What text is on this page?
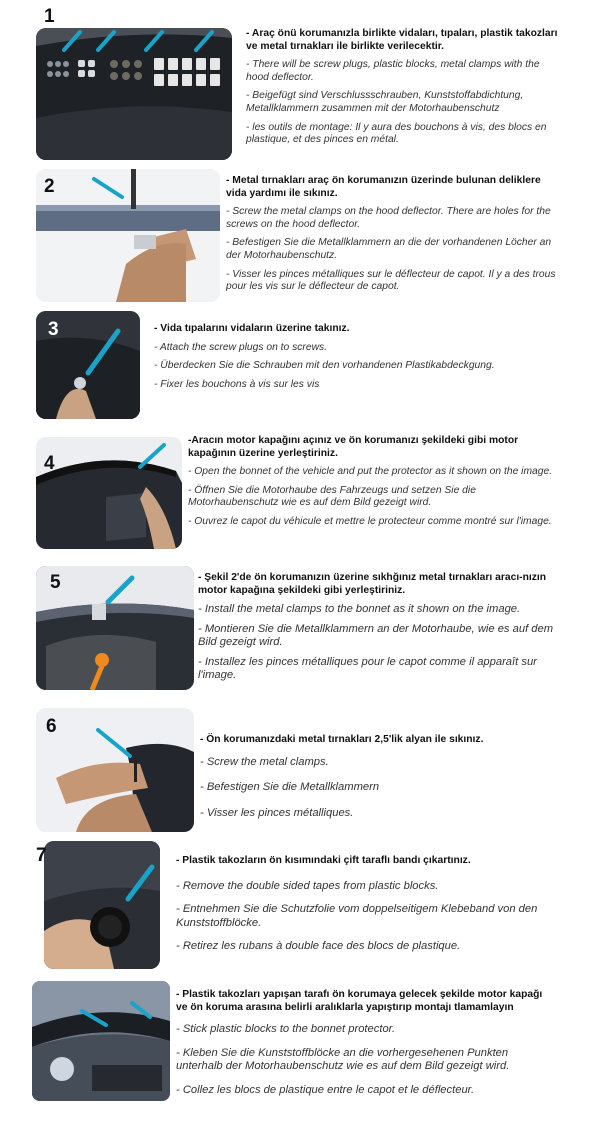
1

- Araç önü korumanızla birlikte vidaları, tıpaları, plastik takozları ve metal tırnakları ile birlikte verilecektir.

- There will be screw plugs, plastic blocks, metal clamps with the hood deflector.

- Beigefügt sind Verschlussschrauben, Kunststoffabdichtung, Metallklammern zusammen mit der Motorhaubenschutz

- les outils de montage: Il y aura des bouchons à vis, des blocs en plastique, et des pinces en métal.

2	- Metal tırnakları araç ön korumanızın üzerinde bulunan deliklere vida yardımı ile sıkınız.

- Screw the metal clamps on the hood deflector. There are holes for the screws on the hood deflector.

- Befestigen Sie die Metallklammern an die der vorhandenen Löcher an der Motorhaubenschutz.

- Visser les pinces métalliques sur le déflecteur de capot. Il y a des trous pour les vis sur le déflecteur de capot.

3	- Vida tıpalarını vidaların üzerine takınız.

- Attach the screw plugs on to screws.

- Überdecken Sie die Schrauben mit den vorhandenen Plastikabdeckgung.

- Fixer les bouchons à vis sur les vis

4

-Aracın motor kapağını açınız ve ön korumanızı şekildeki gibi motor kapağının üzerine yerleştiriniz.

- Open the bonnet of the vehicle and put the protector as it shown on the image.

- Öffnen Sie die Motorhaube des Fahrzeugs und setzen Sie die Motorhaubenschutz wie es auf dem Bild gezeigt wird.

- Ouvrez le capot du véhicule et mettre le protecteur comme montré sur l'image.

5	- Şekil 2'de ön korumanızın üzerine sıkhğınız metal tırnakları aracı-nızın motor kapağına şekildeki gibi yerleştiriniz.

- Install the metal clamps to the bonnet as it shown on the image.

- Montieren Sie die Metallklammern an der Motorhaube, wie es auf dem Bild gezeigt wird.

- Installez les pinces métalliques pour le capot comme il apparaît sur l'image.

6

- Ön korumanızdaki metal tırnakları 2,5'lik alyan ile sıkınız.

- Screw the metal clamps.

- Befestigen Sie die Metallklammern

- Visser les pinces métalliques.

7	- Plastik takozların ön kısımındaki çift taraflı bandı çıkartınız.

- Remove the double sided tapes from plastic blocks.

- Entnehmen Sie die Schutzfolie vom doppelseitigem Klebeband von den Kunststoffblöcke.

- Retirez les rubans à double face des blocs de plastique.

- Plastik takozları yapışan tarafı ön korumaya gelecek şekilde motor kapağı ve ön koruma arasına belirli aralıklarla yapıştırıp montajı tlamamlayın

- Stick plastic blocks to the bonnet protector.

- Kleben Sie die Kunststoffblöcke an die vorhergesehenen Punkten unterhalb der Motorhaubenschutz wie es auf dem Bild gezeigt wird.

- Collez les blocs de plastique entre le capot et le déflecteur.
